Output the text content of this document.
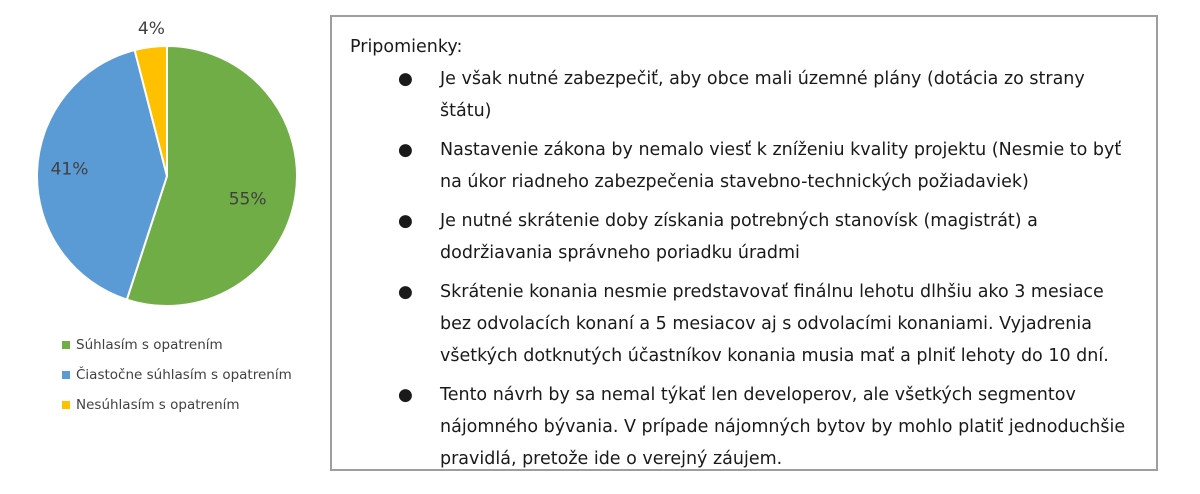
55%
41%
4%
Súhlasím s opatrením
Čiastočne súhlasím s opatrením
Nesúhlasím s opatrením
Pripomienky:
● Je však nutné zabezpečiť, aby obce mali územné plány (dotácia zo strany štátu)
● Nastavenie zákona by nemalo viesť k zníženiu kvality projektu (Nesmie to byť na úkor riadneho zabezpečenia stavebno-technických požiadaviek)
● Je nutné skrátenie doby získania potrebných stanovísk (magistrát) a dodržiavania správneho poriadku úradmi
● Skrátenie konania nesmie predstavovať finálnu lehotu dlhšiu ako 3 mesiace bez odvolacích konaní a 5 mesiacov aj s odvolacími konaniami. Vyjadrenia všetkých dotknutých účastníkov konania musia mať a plniť lehoty do 10 dní.
● Tento návrh by sa nemal týkať len developerov, ale všetkých segmentov nájomného bývania. V prípade nájomných bytov by mohlo platiť jednoduchšie pravidlá, pretože ide o verejný záujem.
